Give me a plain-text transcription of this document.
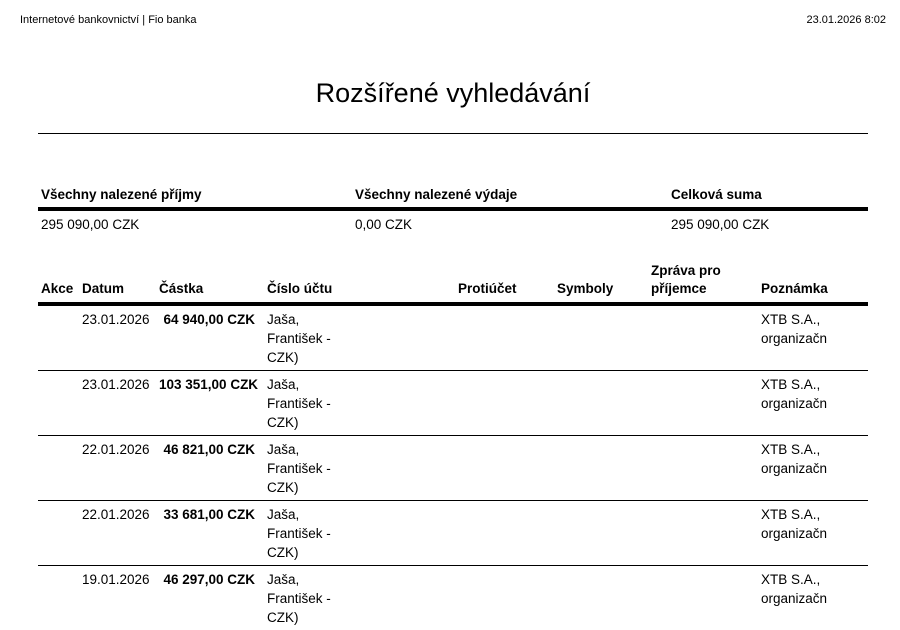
Internetové bankovnictví | Fio banka	23.01.2026 8:02
Rozšířené vyhledávání
Všechny nalezené příjmy	Všechny nalezené výdaje	Celková suma
295 090,00 CZK	0,00 CZK	295 090,00 CZK
Akce	Datum	Částka	Číslo účtu	Protiúčet	Symboly	Zpráva pro příjemce	Poznámka
	23.01.2026	64 940,00 CZK	Jaša, František - CZK)				XTB S.A., organizačn
	23.01.2026	103 351,00 CZK	Jaša, František - CZK)				XTB S.A., organizačn
	22.01.2026	46 821,00 CZK	Jaša, František - CZK)				XTB S.A., organizačn
	22.01.2026	33 681,00 CZK	Jaša, František - CZK)				XTB S.A., organizačn
	19.01.2026	46 297,00 CZK	Jaša, František - CZK)				XTB S.A., organizačn
